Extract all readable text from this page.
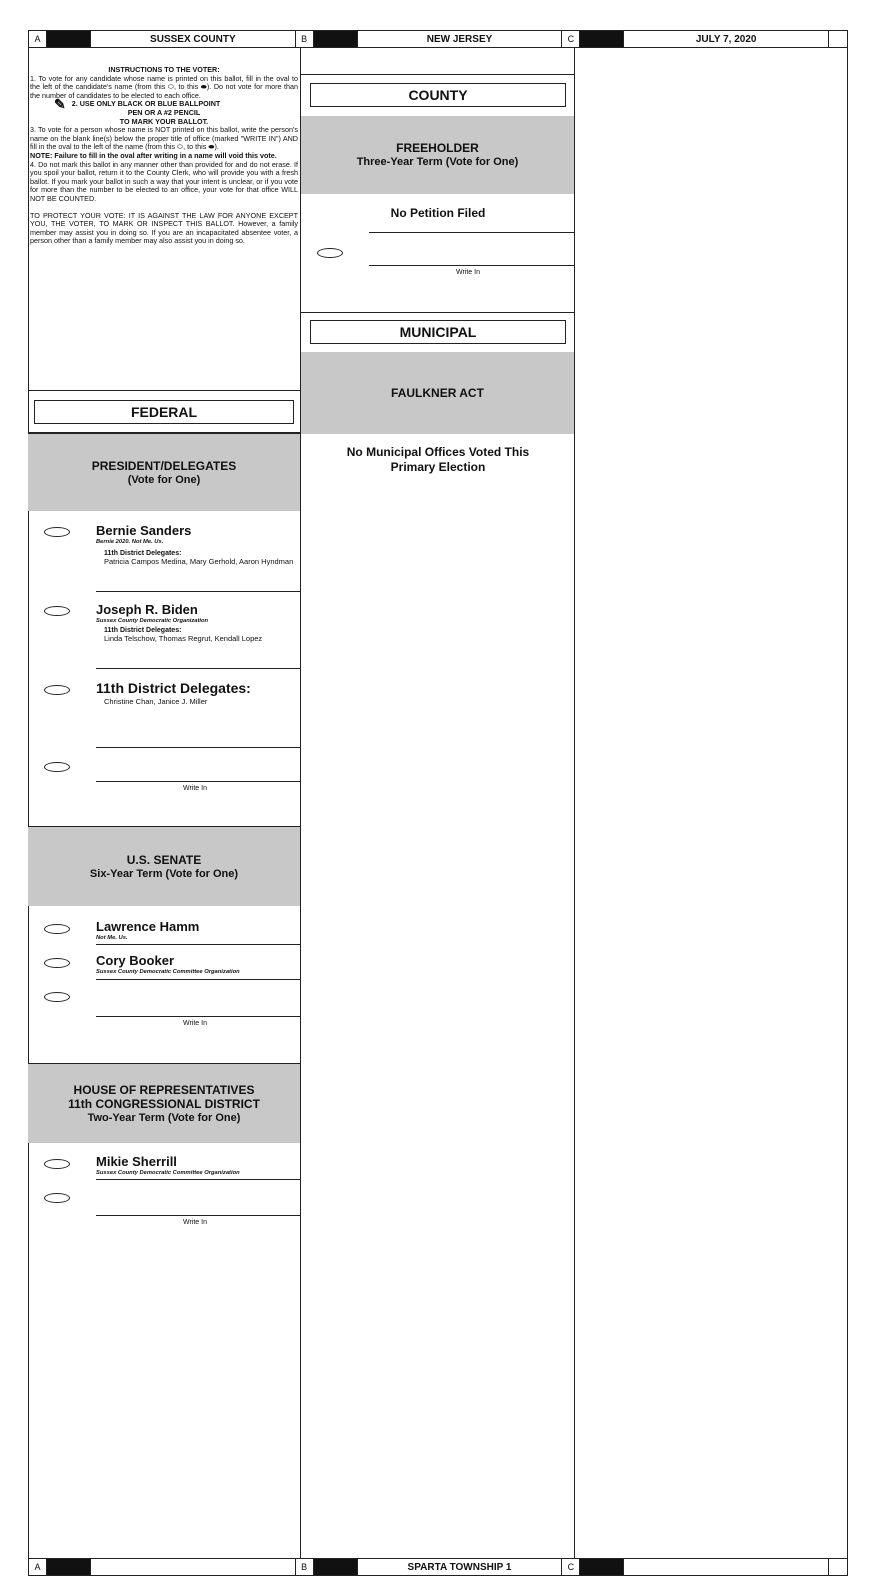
A	SUSSEX COUNTY	B	NEW JERSEY	C	JULY 7, 2020

INSTRUCTIONS TO THE VOTER:

1. To vote for any candidate whose name is printed on this ballot, fill in the oval to the left of the candidate's name (from this ⬭, to this ⬬). Do not vote for more than the number of candidates to be elected to each office.

✎ 2. USE ONLY BLACK OR BLUE BALLPOINT

PEN OR A #2 PENCIL

TO MARK YOUR BALLOT.

3. To vote for a person whose name is NOT printed on this ballot, write the person's name on the blank line(s) below the proper title of office (marked "WRITE IN") AND fill in the oval to the left of the name (from this ⬭, to this ⬬).

NOTE: Failure to fill in the oval after writing in a name will void this vote.

4. Do not mark this ballot in any manner other than provided for and do not erase. If you spoil your ballot, return it to the County Clerk, who will provide you with a fresh ballot. If you mark your ballot in such a way that your intent is unclear, or if you vote for more than the number to be elected to an office, your vote for that office WILL NOT BE COUNTED.

TO PROTECT YOUR VOTE: IT IS AGAINST THE LAW FOR ANYONE EXCEPT YOU, THE VOTER, TO MARK OR INSPECT THIS BALLOT. However, a family member may assist you in doing so. If you are an incapacitated absentee voter, a person other than a family member may also assist you in doing so.

FEDERAL
PRESIDENT/DELEGATES
(Vote for One)
Bernie Sanders
Bernie 2020. Not Me. Us.
11th District Delegates:
Patricia Campos Medina, Mary Gerhold, Aaron Hyndman
Joseph R. Biden
Sussex County Democratic Organization
11th District Delegates:
Linda Telschow, Thomas Regrut, Kendall Lopez
11th District Delegates:
Christine Chan, Janice J. Miller
Write In
U.S. SENATE
Six-Year Term (Vote for One)
Lawrence Hamm
Not Me. Us.
Cory Booker
Sussex County Democratic Committee Organization
Write In
HOUSE OF REPRESENTATIVES
11th CONGRESSIONAL DISTRICT
Two-Year Term (Vote for One)
Mikie Sherrill
Sussex County Democratic Committee Organization
Write In
COUNTY
FREEHOLDER
Three-Year Term (Vote for One)
No Petition Filed
Write In
MUNICIPAL
FAULKNER ACT
No Municipal Offices Voted This
Primary Election
A	B	SPARTA TOWNSHIP 1	C
